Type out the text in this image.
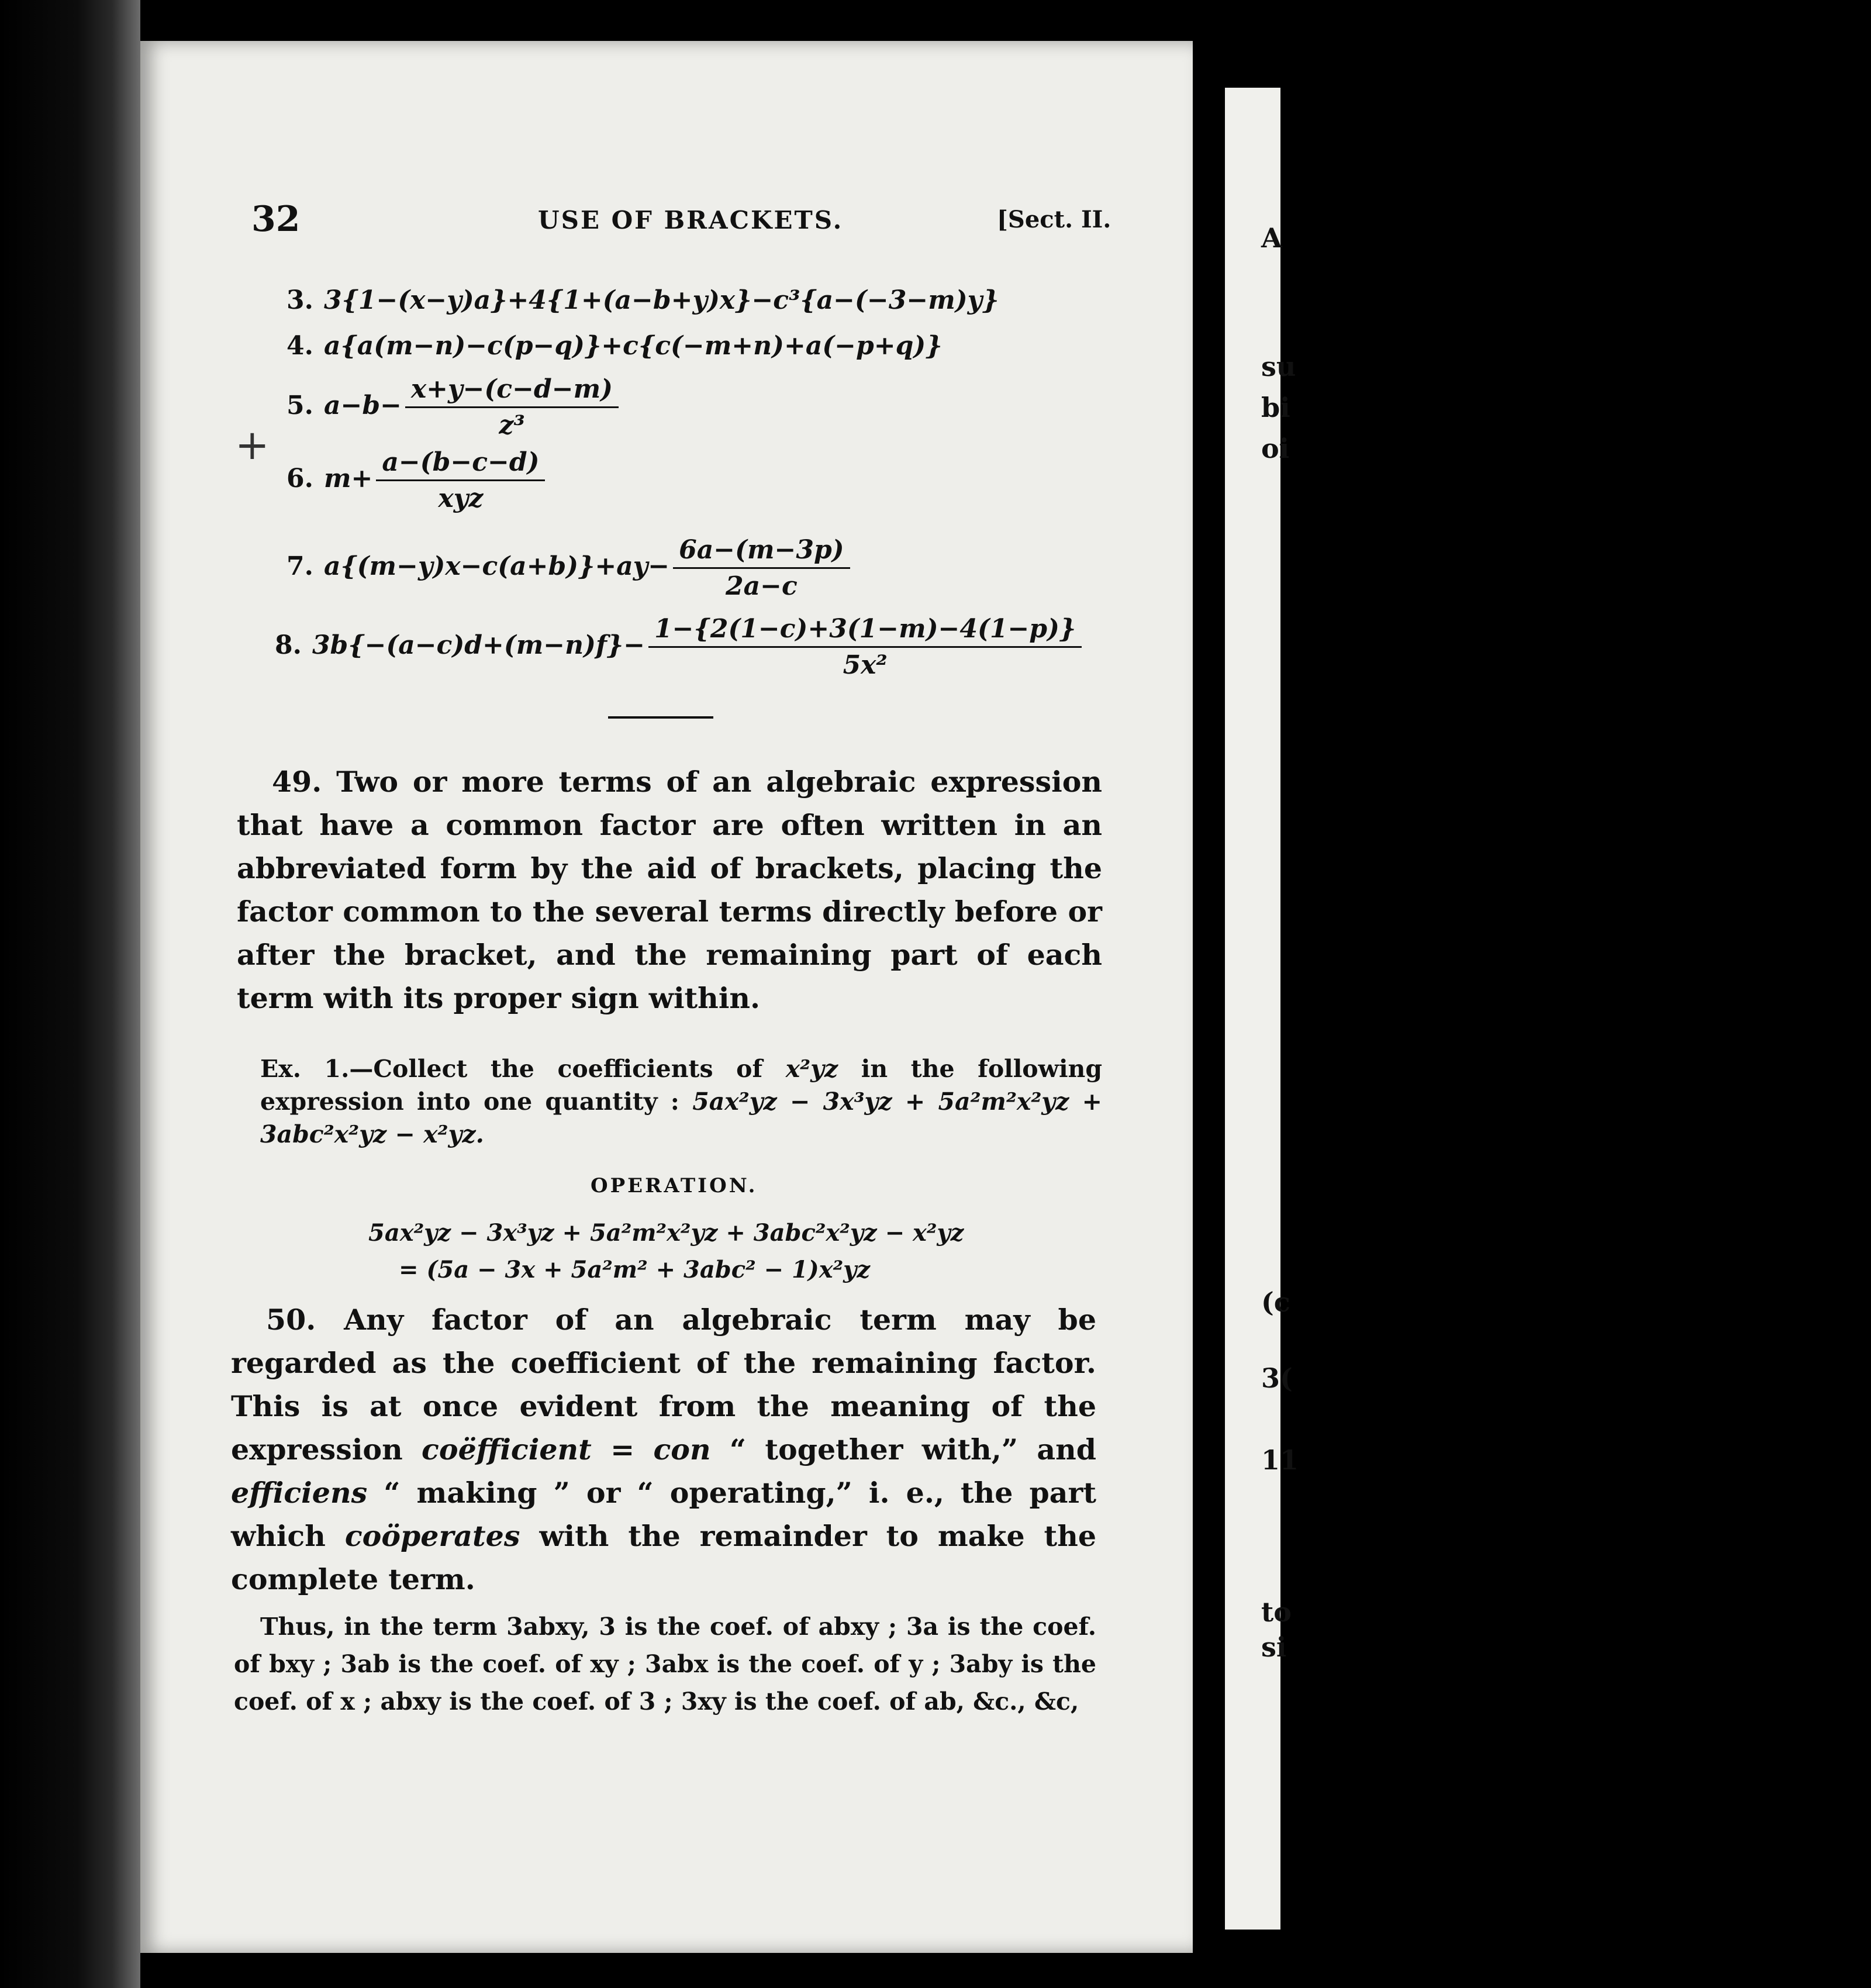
A
su
bi
oi
(c
3(
11
to
si
32	USE OF BRACKETS.	[Sect. II.
3. 3{1−(x−y)a}+4{1+(a−b+y)x}−c³{a−(−3−m)y}
4. a{a(m−n)−c(p−q)}+c{c(−m+n)+a(−p+q)}
5. $a-b- \frac{x+y-(c-d-m)}{\text{z³}}$
+
6. $m+ \frac{a-(b-c-d)}{\text{xyz}}$
7. $a\{(m-y)x-c(a+b)\}+ay- \frac{6a-(m-3p)}{2a-c}$
8. $3b\{-(a-c)d+(m-n)f\}- \frac{1-\{2(1-c)+3(1-m)-4(1-p)\}}{\text{5x²}}$
49. Two or more terms of an algebraic expression that have a common factor are often written in an abbreviated form by the aid of brackets, placing the factor common to the several terms directly before or after the bracket, and the remaining part of each term with its proper sign within.
Ex. 1.—Collect the coefficients of x²yz in the following expression into one quantity : 5ax²yz − 3x³yz + 5a²m²x²yz + 3abc²x²yz − x²yz.
OPERATION.
5ax²yz − 3x³yz + 5a²m²x²yz + 3abc²x²yz − x²yz
= (5a − 3x + 5a²m² + 3abc² − 1)x²yz
50. Any factor of an algebraic term may be regarded as the coefficient of the remaining factor. This is at once evident from the meaning of the expression coëfficient = con “ together with,” and efficiens “ making ” or “ operating,” i. e., the part which coöperates with the remainder to make the complete term.
Thus, in the term 3abxy, 3 is the coef. of abxy ; 3a is the coef. of bxy ; 3ab is the coef. of xy ; 3abx is the coef. of y ; 3aby is the coef. of x ; abxy is the coef. of 3 ; 3xy is the coef. of ab, &c., &c,
